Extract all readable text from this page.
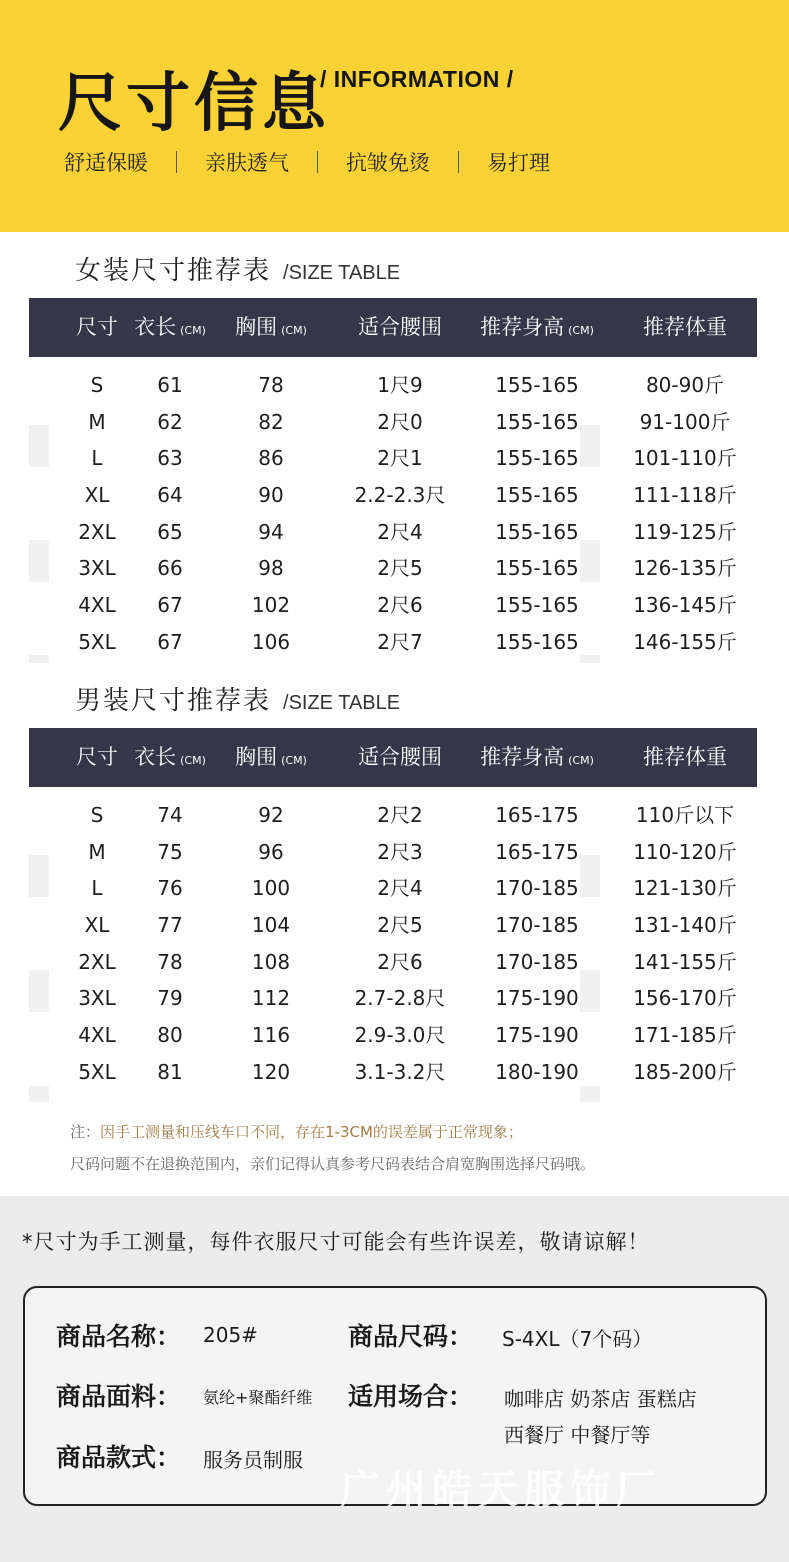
尺寸信息
/ INFORMATION /
舒适保暖	亲肤透气	抗皱免烫	易打理
女装尺寸推荐表 /SIZE TABLE
尺寸 衣长 (CM) 胸围 (CM) 适合腰围 推荐身高 (CM) 推荐体重
S	61	78	1尺9	155-165	80-90斤
M	62	82	2尺0	155-165	91-100斤
L	63	86	2尺1	155-165	101-110斤
XL 64	90	2.2-2.3尺 155-165	111-118斤
2XL 65	94	2尺4	155-165	119-125斤
3XL 66	98	2尺5	155-165	126-135斤
4XL 67	102	2尺6	155-165	136-145斤
5XL 67	106	2尺7	155-165	146-155斤
男装尺寸推荐表 /SIZE TABLE
尺寸 衣长 (CM) 胸围 (CM) 适合腰围 推荐身高 (CM) 推荐体重
S	74	92	2尺2	165-175	110斤以下
M	75	96	2尺3	165-175	110-120斤
L	76	100	2尺4	170-185	121-130斤
XL 77	104	2尺5	170-185	131-140斤
2XL 78	108	2尺6	170-185	141-155斤
3XL 79	112	2.7-2.8尺 175-190	156-170斤
4XL 80	116	2.9-3.0尺 175-190	171-185斤
5XL 81	120	3.1-3.2尺 180-190	185-200斤
注：因手工测量和压线车口不同，存在1-3CM的误差属于正常现象；
尺码问题不在退换范围内，亲们记得认真参考尺码表结合肩宽胸围选择尺码哦。
*尺寸为手工测量，每件衣服尺寸可能会有些许误差，敬请谅解！
商品名称： 205#	商品尺码： S-4XL（7个码）
商品面料： 氨纶+聚酯纤维 适用场合： 咖啡店 奶茶店 蛋糕店
西餐厅 中餐厅等
商品款式： 服务员制服
广州皓天服饰厂
